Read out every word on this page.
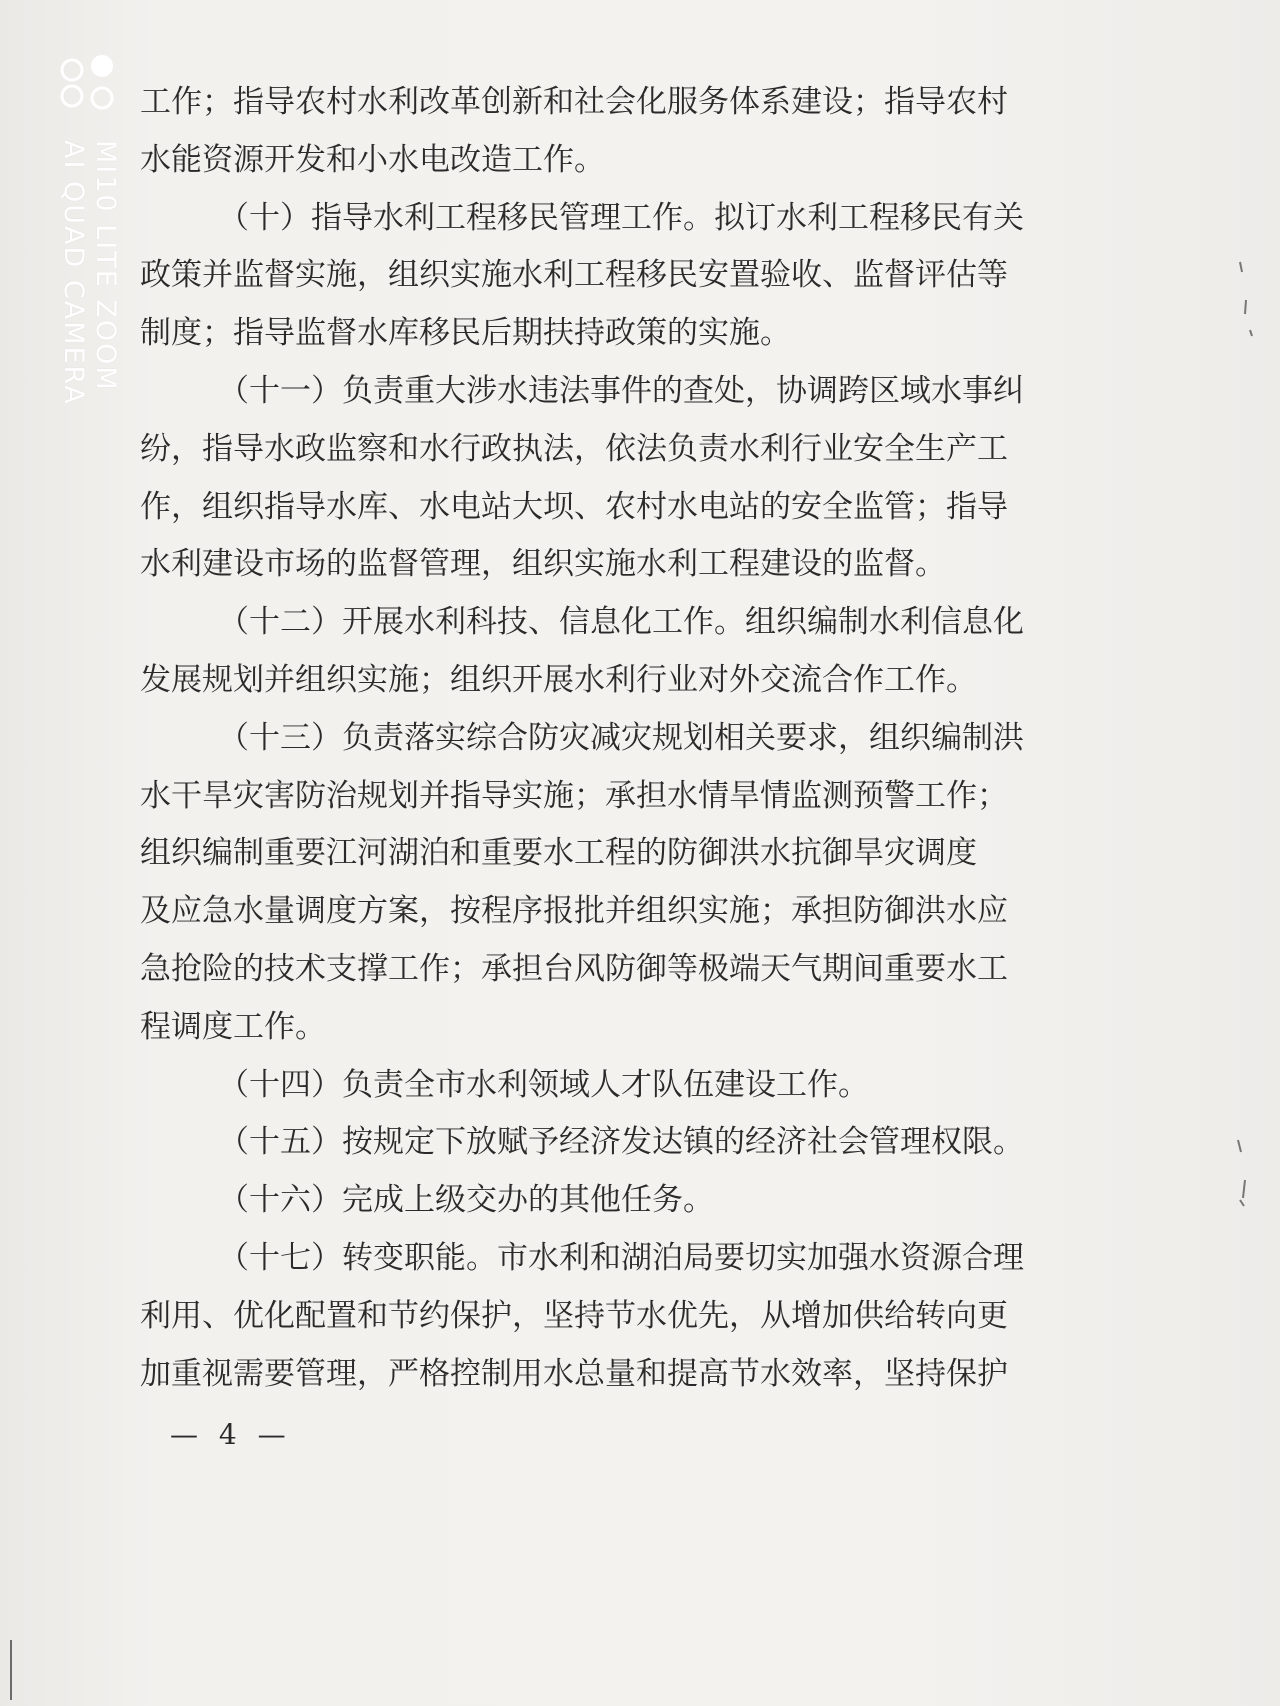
MI10 LITE ZOOM
AI QUAD CAMERA
工作；指导农村水利改革创新和社会化服务体系建设；指导农村
水能资源开发和小水电改造工作。
（十）指导水利工程移民管理工作。拟订水利工程移民有关
政策并监督实施，组织实施水利工程移民安置验收、监督评估等
制度；指导监督水库移民后期扶持政策的实施。
（十一）负责重大涉水违法事件的查处，协调跨区域水事纠
纷，指导水政监察和水行政执法，依法负责水利行业安全生产工
作，组织指导水库、水电站大坝、农村水电站的安全监管；指导
水利建设市场的监督管理，组织实施水利工程建设的监督。
（十二）开展水利科技、信息化工作。组织编制水利信息化
发展规划并组织实施；组织开展水利行业对外交流合作工作。
（十三）负责落实综合防灾减灾规划相关要求，组织编制洪
水干旱灾害防治规划并指导实施；承担水情旱情监测预警工作；
组织编制重要江河湖泊和重要水工程的防御洪水抗御旱灾调度
及应急水量调度方案，按程序报批并组织实施；承担防御洪水应
急抢险的技术支撑工作；承担台风防御等极端天气期间重要水工
程调度工作。
（十四）负责全市水利领域人才队伍建设工作。
（十五）按规定下放赋予经济发达镇的经济社会管理权限。
（十六）完成上级交办的其他任务。
（十七）转变职能。市水利和湖泊局要切实加强水资源合理
利用、优化配置和节约保护，坚持节水优先，从增加供给转向更
加重视需要管理，严格控制用水总量和提高节水效率，坚持保护
— 4 —
